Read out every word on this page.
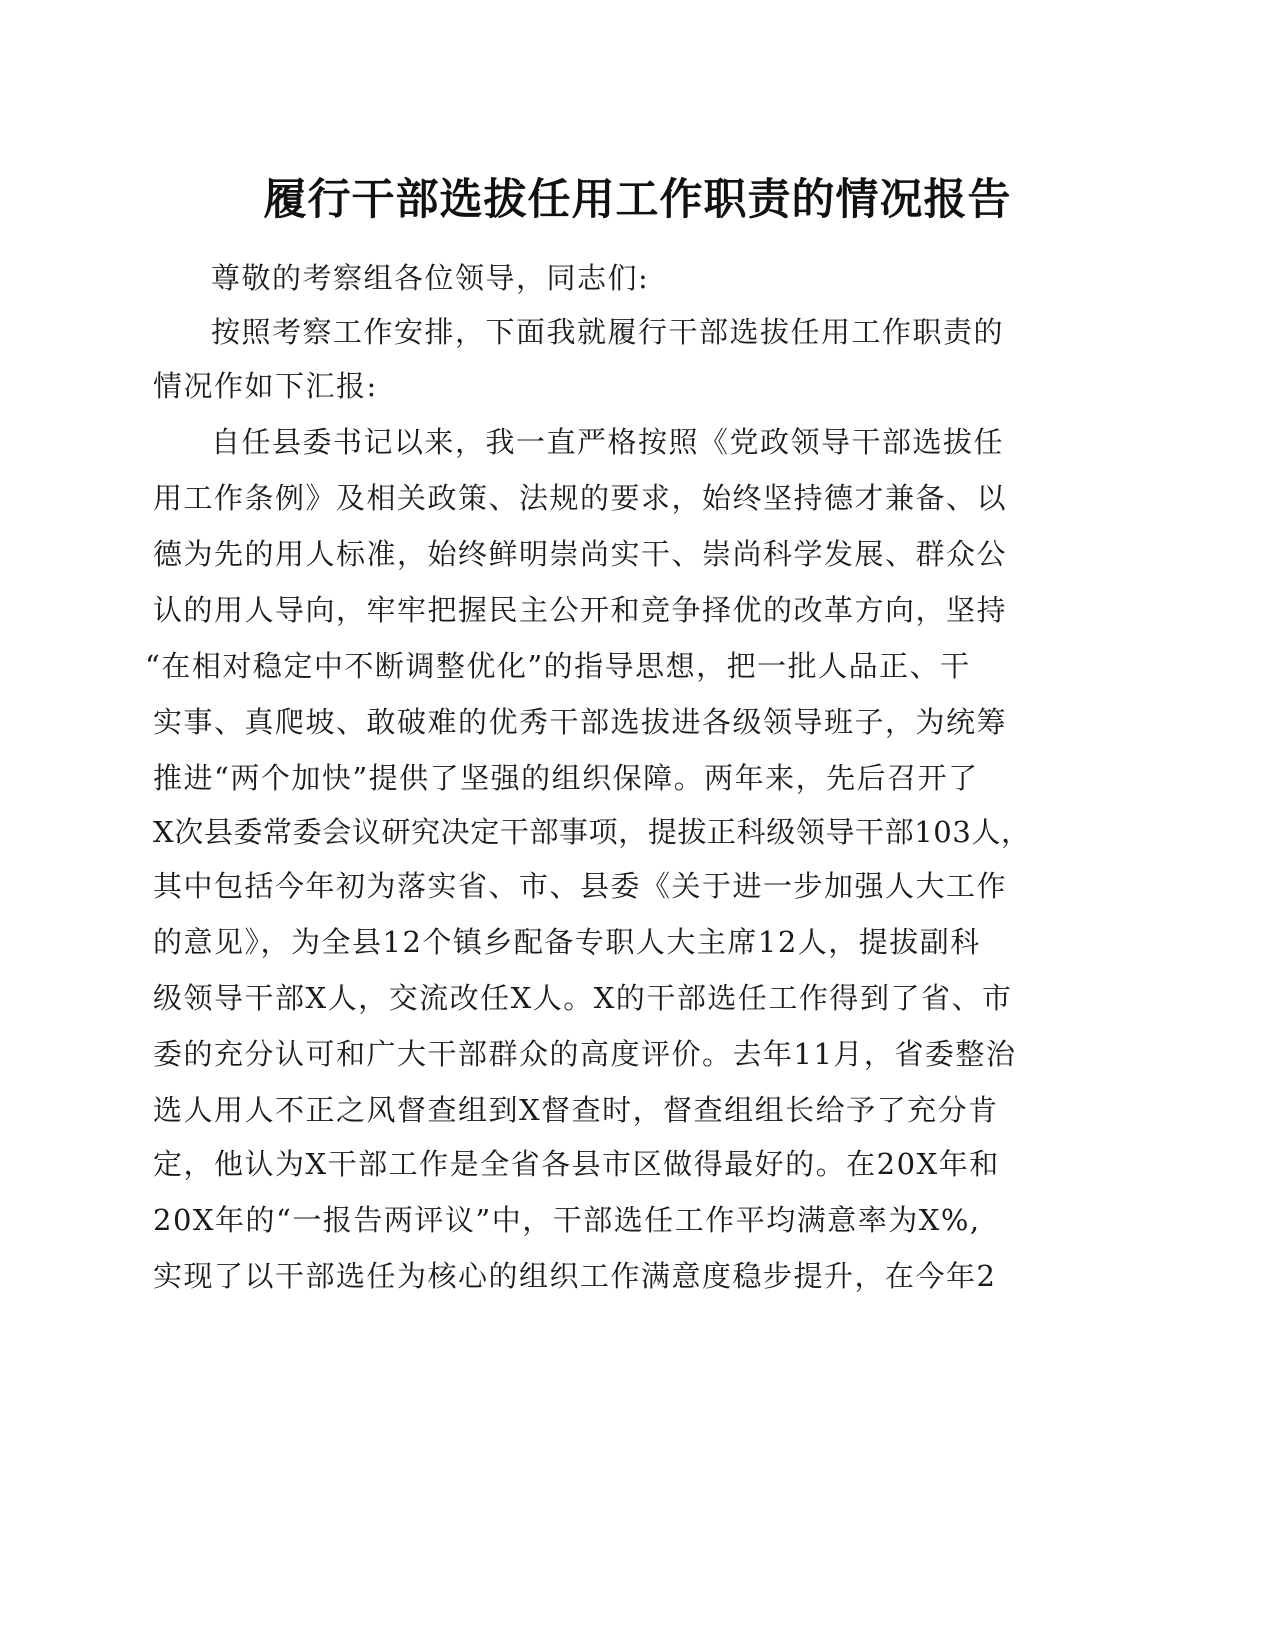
履行干部选拔任用工作职责的情况报告
尊敬的考察组各位领导，同志们:
按照考察工作安排，下面我就履行干部选拔任用工作职责的
情况作如下汇报:
自任县委书记以来，我一直严格按照《党政领导干部选拔任
用工作条例》及相关政策、法规的要求，始终坚持德才兼备、以
德为先的用人标准，始终鲜明崇尚实干、崇尚科学发展、群众公
认的用人导向，牢牢把握民主公开和竞争择优的改革方向，坚持
“在相对稳定中不断调整优化”的指导思想，把一批人品正、干
实事、真爬坡、敢破难的优秀干部选拔进各级领导班子，为统筹
推进“两个加快”提供了坚强的组织保障。两年来，先后召开了
X次县委常委会议研究决定干部事项，提拔正科级领导干部103人，
其中包括今年初为落实省、市、县委《关于进一步加强人大工作
的意见》，为全县12个镇乡配备专职人大主席12人，提拔副科
级领导干部X人，交流改任X人。X的干部选任工作得到了省、市
委的充分认可和广大干部群众的高度评价。去年11月，省委整治
选人用人不正之风督查组到X督查时，督查组组长给予了充分肯
定，他认为X干部工作是全省各县市区做得最好的。在20X年和
20X年的“一报告两评议”中，干部选任工作平均满意率为X%,
实现了以干部选任为核心的组织工作满意度稳步提升，在今年2
